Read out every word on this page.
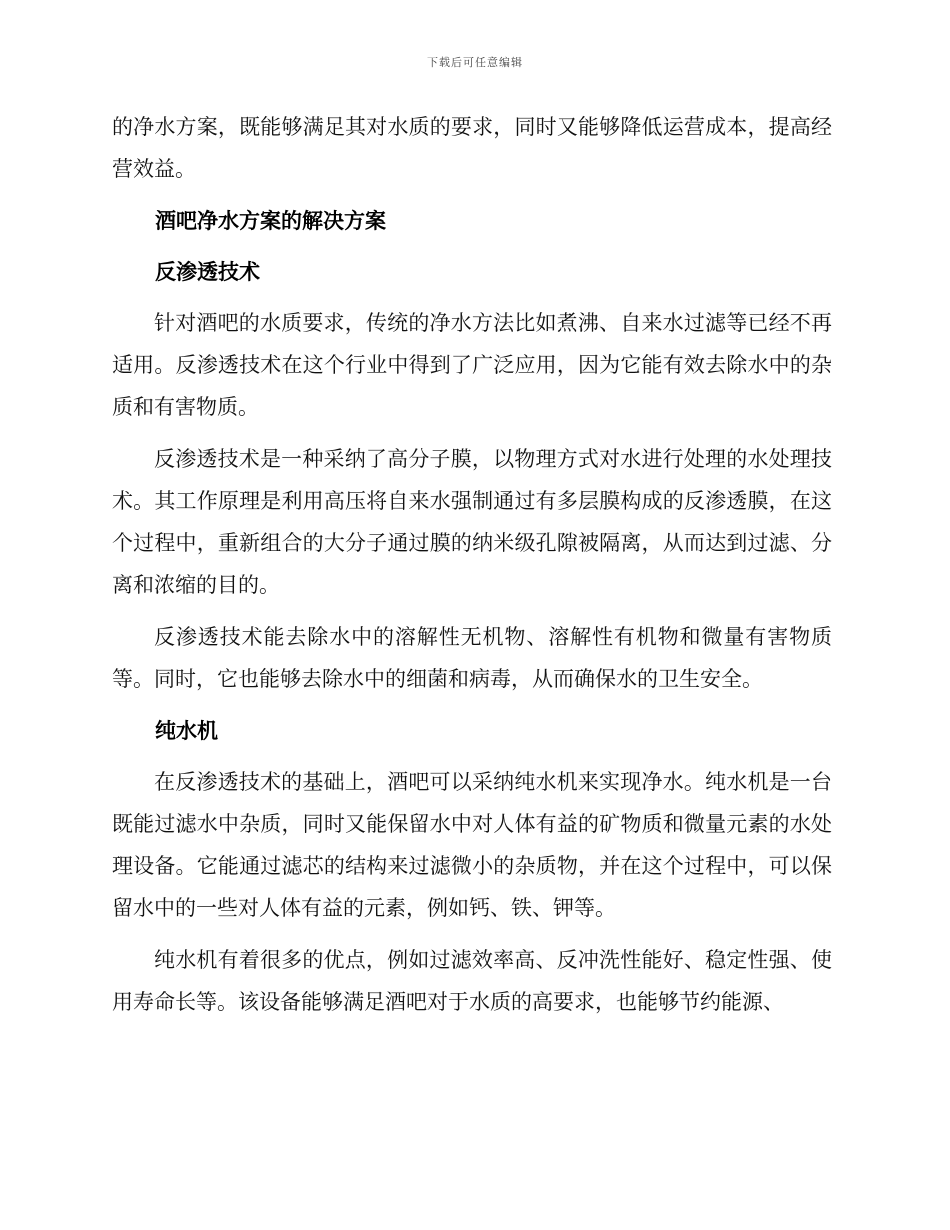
下载后可任意编辑

的净水方案，既能够满足其对水质的要求，同时又能够降低运营成本，提高经营效益。

酒吧净水方案的解决方案
反渗透技术

针对酒吧的水质要求，传统的净水方法比如煮沸、自来水过滤等已经不再适用。反渗透技术在这个行业中得到了广泛应用，因为它能有效去除水中的杂质和有害物质。

反渗透技术是一种采纳了高分子膜，以物理方式对水进行处理的水处理技术。其工作原理是利用高压将自来水强制通过有多层膜构成的反渗透膜，在这个过程中，重新组合的大分子通过膜的纳米级孔隙被隔离，从而达到过滤、分离和浓缩的目的。

反渗透技术能去除水中的溶解性无机物、溶解性有机物和微量有害物质等。同时，它也能够去除水中的细菌和病毒，从而确保水的卫生安全。

纯水机

在反渗透技术的基础上，酒吧可以采纳纯水机来实现净水。纯水机是一台既能过滤水中杂质，同时又能保留水中对人体有益的矿物质和微量元素的水处理设备。它能通过滤芯的结构来过滤微小的杂质物，并在这个过程中，可以保留水中的一些对人体有益的元素，例如钙、铁、钾等。

纯水机有着很多的优点，例如过滤效率高、反冲洗性能好、稳定性强、使用寿命长等。该设备能够满足酒吧对于水质的高要求，也能够节约能源、
